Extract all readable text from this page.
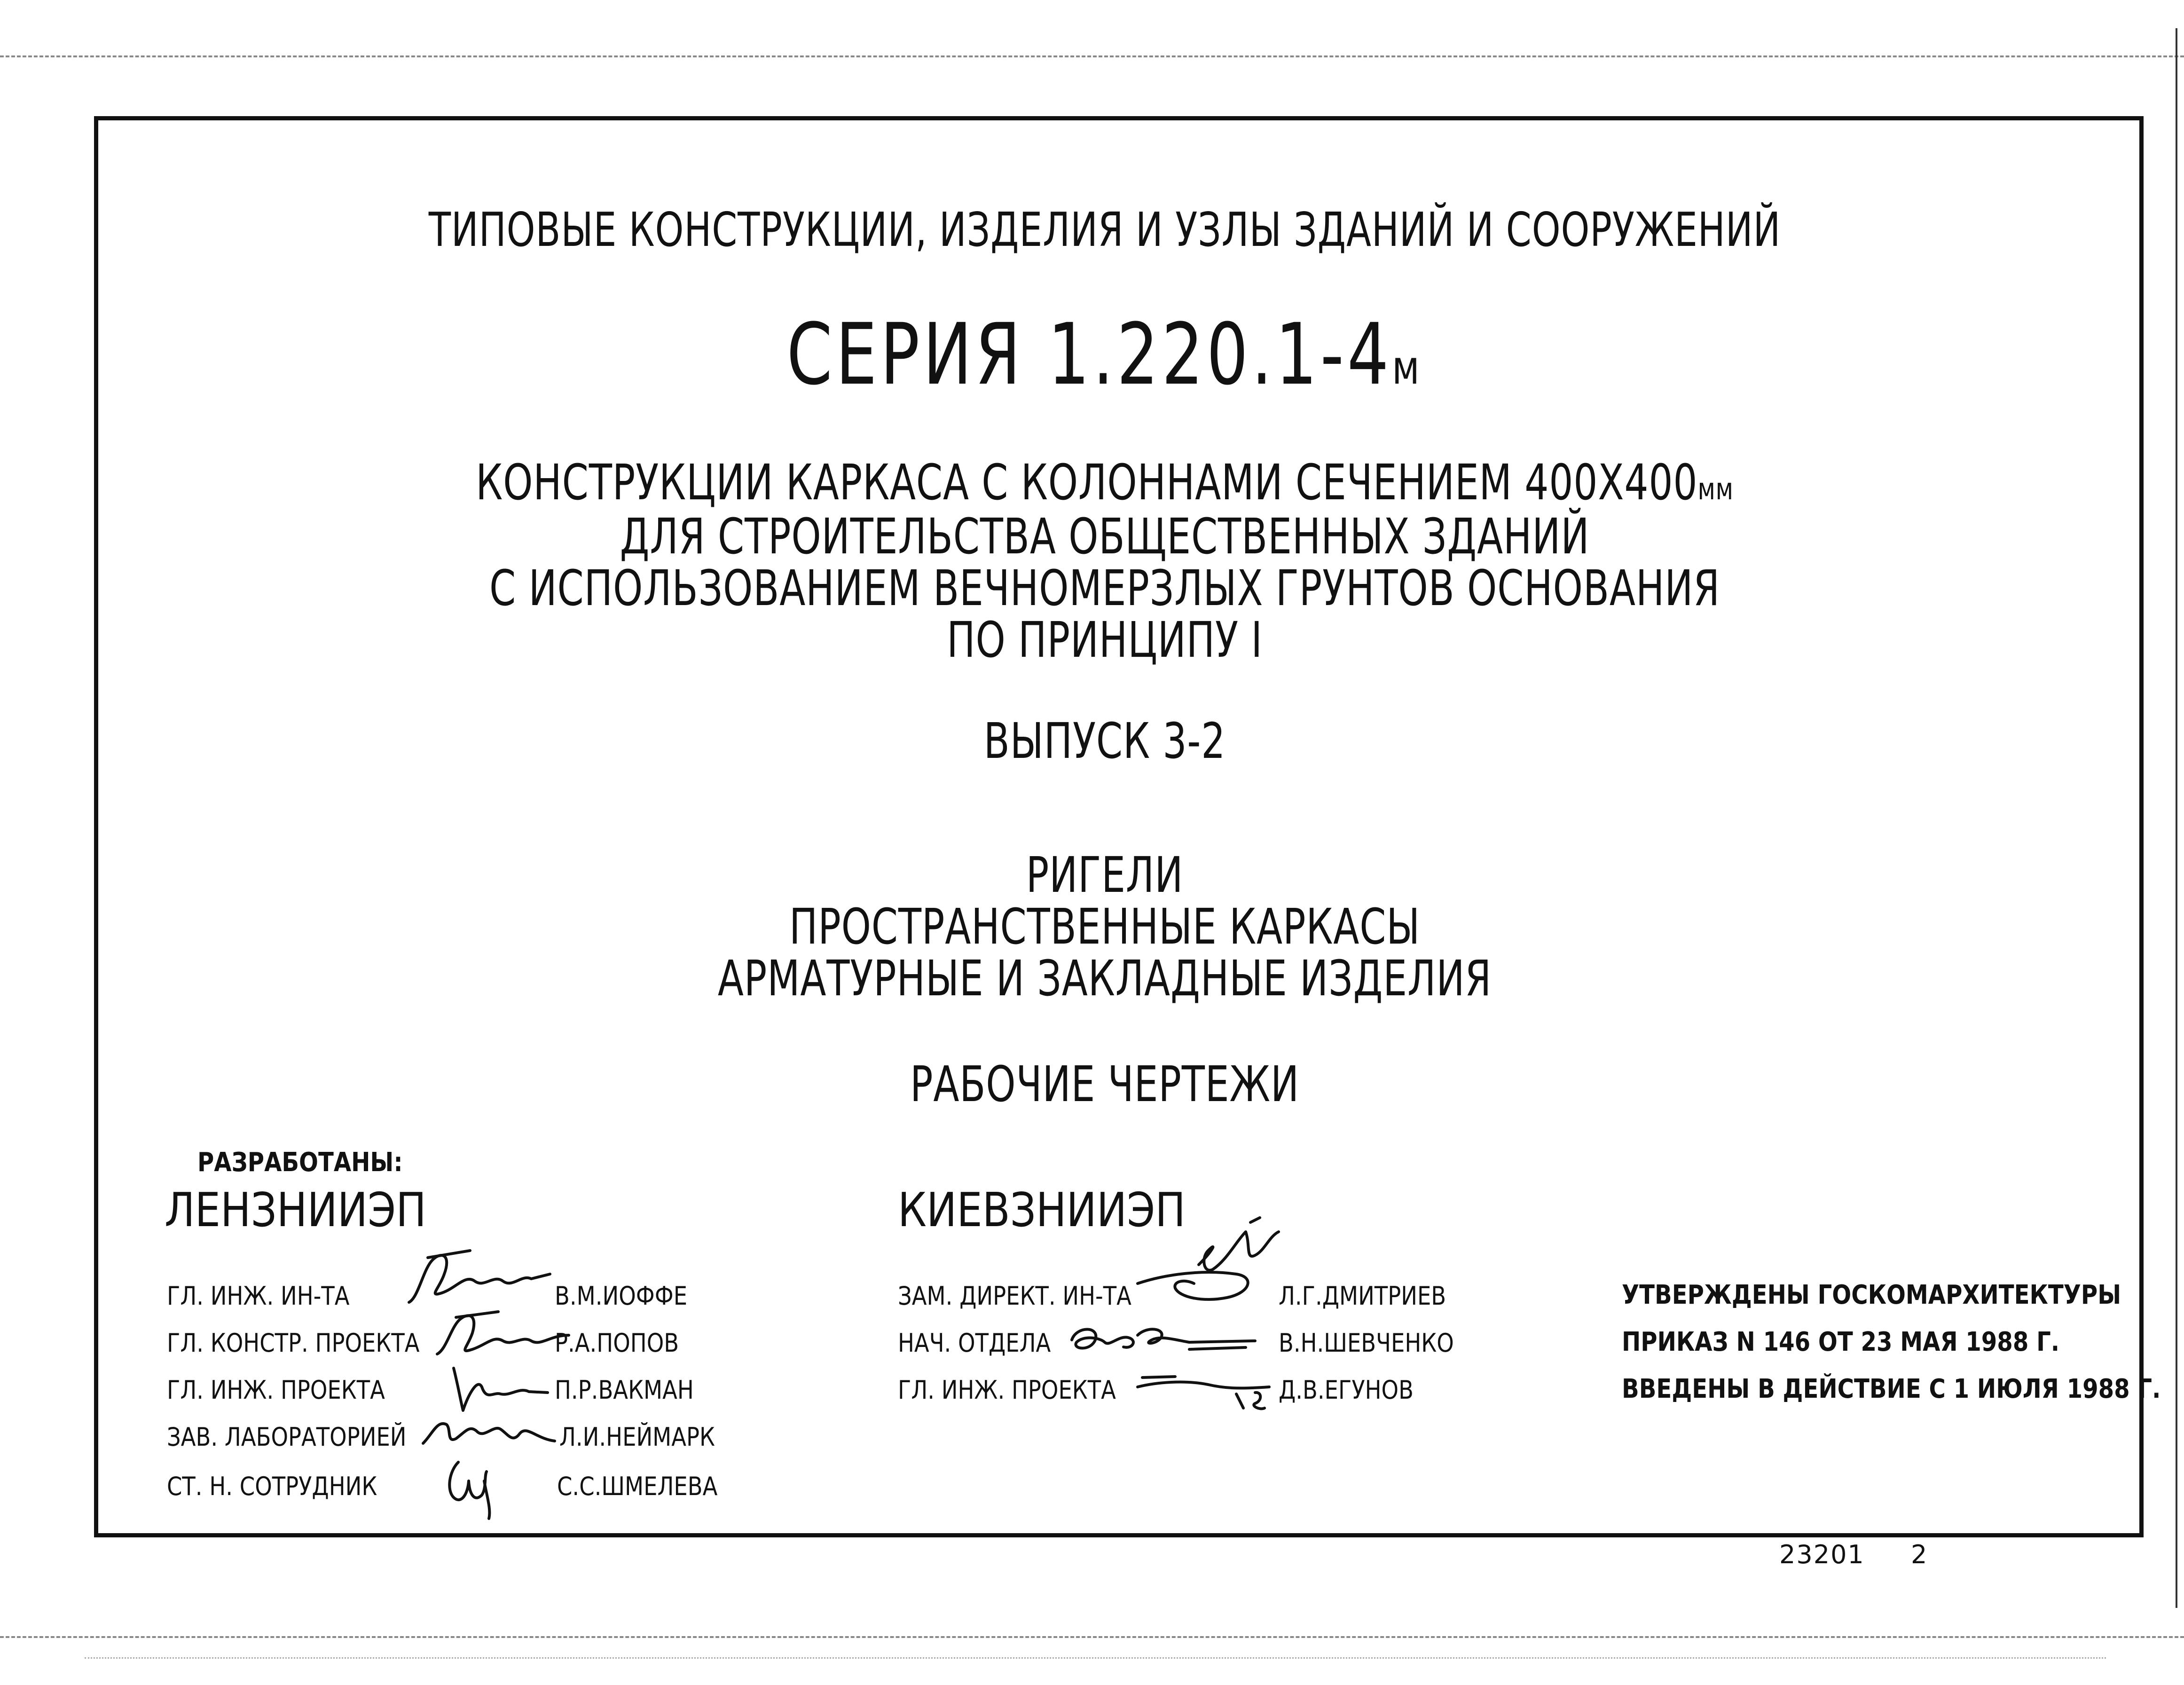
ТИПОВЫЕ КОНСТРУКЦИИ, ИЗДЕЛИЯ И УЗЛЫ ЗДАНИЙ И СООРУЖЕНИЙ
СЕРИЯ 1.220.1-4м
КОНСТРУКЦИИ КАРКАСА С КОЛОННАМИ СЕЧЕНИЕМ 400Х400мм
ДЛЯ СТРОИТЕЛЬСТВА ОБЩЕСТВЕННЫХ ЗДАНИЙ
С ИСПОЛЬЗОВАНИЕМ ВЕЧНОМЕРЗЛЫХ ГРУНТОВ ОСНОВАНИЯ
ПО ПРИНЦИПУ I
ВЫПУСК 3-2
РИГЕЛИ
ПРОСТРАНСТВЕННЫЕ КАРКАСЫ
АРМАТУРНЫЕ И ЗАКЛАДНЫЕ ИЗДЕЛИЯ
РАБОЧИЕ ЧЕРТЕЖИ
РАЗРАБОТАНЫ:
ЛЕНЗНИИЭП
ГЛ. ИНЖ. ИН-ТА
ГЛ. КОНСТР. ПРОЕКТА
ГЛ. ИНЖ. ПРОЕКТА
ЗАВ. ЛАБОРАТОРИЕЙ
СТ. Н. СОТРУДНИК
В.М.ИОФФЕ
Р.А.ПОПОВ
П.Р.ВАКМАН
Л.И.НЕЙМАРК
С.С.ШМЕЛЕВА
КИЕВЗНИИЭП
ЗАМ. ДИРЕКТ. ИН-ТА
НАЧ. ОТДЕЛА
ГЛ. ИНЖ. ПРОЕКТА
Л.Г.ДМИТРИЕВ
В.Н.ШЕВЧЕНКО
Д.В.ЕГУНОВ
УТВЕРЖДЕНЫ ГОСКОМАРХИТЕКТУРЫ
ПРИКАЗ N 146 ОТ 23 МАЯ 1988 Г.
ВВЕДЕНЫ В ДЕЙСТВИЕ С 1 ИЮЛЯ 1988 Г.
23201 2
